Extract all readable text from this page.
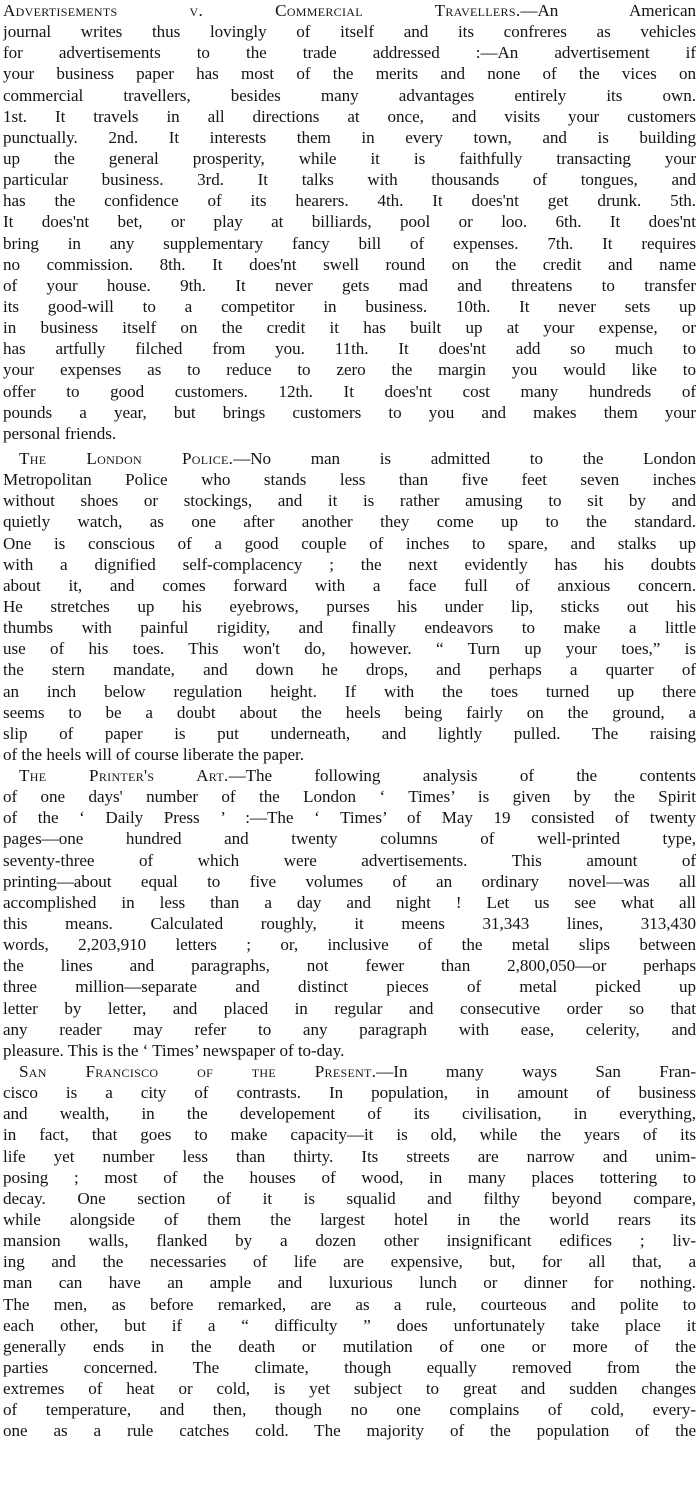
Advertisements v. Commercial Travellers.—An American
journal writes thus lovingly of itself and its confreres as vehicles
for advertisements to the trade addressed :—An advertisement if
your business paper has most of the merits and none of the vices on
commercial travellers, besides many advantages entirely its own.
1st. It travels in all directions at once, and visits your customers
punctually. 2nd. It interests them in every town, and is building
up the general prosperity, while it is faithfully transacting your
particular business. 3rd. It talks with thousands of tongues, and
has the confidence of its hearers. 4th. It does'nt get drunk. 5th.
It does'nt bet, or play at billiards, pool or loo. 6th. It does'nt
bring in any supplementary fancy bill of expenses. 7th. It requires
no commission. 8th. It does'nt swell round on the credit and name
of your house. 9th. It never gets mad and threatens to transfer
its good-will to a competitor in business. 10th. It never sets up
in business itself on the credit it has built up at your expense, or
has artfully filched from you. 11th. It does'nt add so much to
your expenses as to reduce to zero the margin you would like to
offer to good customers. 12th. It does'nt cost many hundreds of
pounds a year, but brings customers to you and makes them your
personal friends.
The London Police.—No man is admitted to the London
Metropolitan Police who stands less than five feet seven inches
without shoes or stockings, and it is rather amusing to sit by and
quietly watch, as one after another they come up to the standard.
One is conscious of a good couple of inches to spare, and stalks up
with a dignified self-complacency ; the next evidently has his doubts
about it, and comes forward with a face full of anxious concern.
He stretches up his eyebrows, purses his under lip, sticks out his
thumbs with painful rigidity, and finally endeavors to make a little
use of his toes. This won't do, however. “ Turn up your toes,” is
the stern mandate, and down he drops, and perhaps a quarter of
an inch below regulation height. If with the toes turned up there
seems to be a doubt about the heels being fairly on the ground, a
slip of paper is put underneath, and lightly pulled. The raising
of the heels will of course liberate the paper.
The Printer's Art.—The following analysis of the contents
of one days' number of the London ‘ Times’ is given by the Spirit
of the ‘ Daily Press ’ :—The ‘ Times’ of May 19 consisted of twenty
pages—one hundred and twenty columns of well-printed type,
seventy-three of which were advertisements. This amount of
printing—about equal to five volumes of an ordinary novel—was all
accomplished in less than a day and night ! Let us see what all
this means. Calculated roughly, it meens 31,343 lines, 313,430
words, 2,203,910 letters ; or, inclusive of the metal slips between
the lines and paragraphs, not fewer than 2,800,050—or perhaps
three million—separate and distinct pieces of metal picked up
letter by letter, and placed in regular and consecutive order so that
any reader may refer to any paragraph with ease, celerity, and
pleasure. This is the ‘ Times’ newspaper of to-day.
San Francisco of the Present.—In many ways San Fran-
cisco is a city of contrasts. In population, in amount of business
and wealth, in the developement of its civilisation, in everything,
in fact, that goes to make capacity—it is old, while the years of its
life yet number less than thirty. Its streets are narrow and unim-
posing ; most of the houses of wood, in many places tottering to
decay. One section of it is squalid and filthy beyond compare,
while alongside of them the largest hotel in the world rears its
mansion walls, flanked by a dozen other insignificant edifices ; liv-
ing and the necessaries of life are expensive, but, for all that, a
man can have an ample and luxurious lunch or dinner for nothing.
The men, as before remarked, are as a rule, courteous and polite to
each other, but if a “ difficulty ” does unfortunately take place it
generally ends in the death or mutilation of one or more of the
parties concerned. The climate, though equally removed from the
extremes of heat or cold, is yet subject to great and sudden changes
of temperature, and then, though no one complains of cold, every-
one as a rule catches cold. The majority of the population of the
